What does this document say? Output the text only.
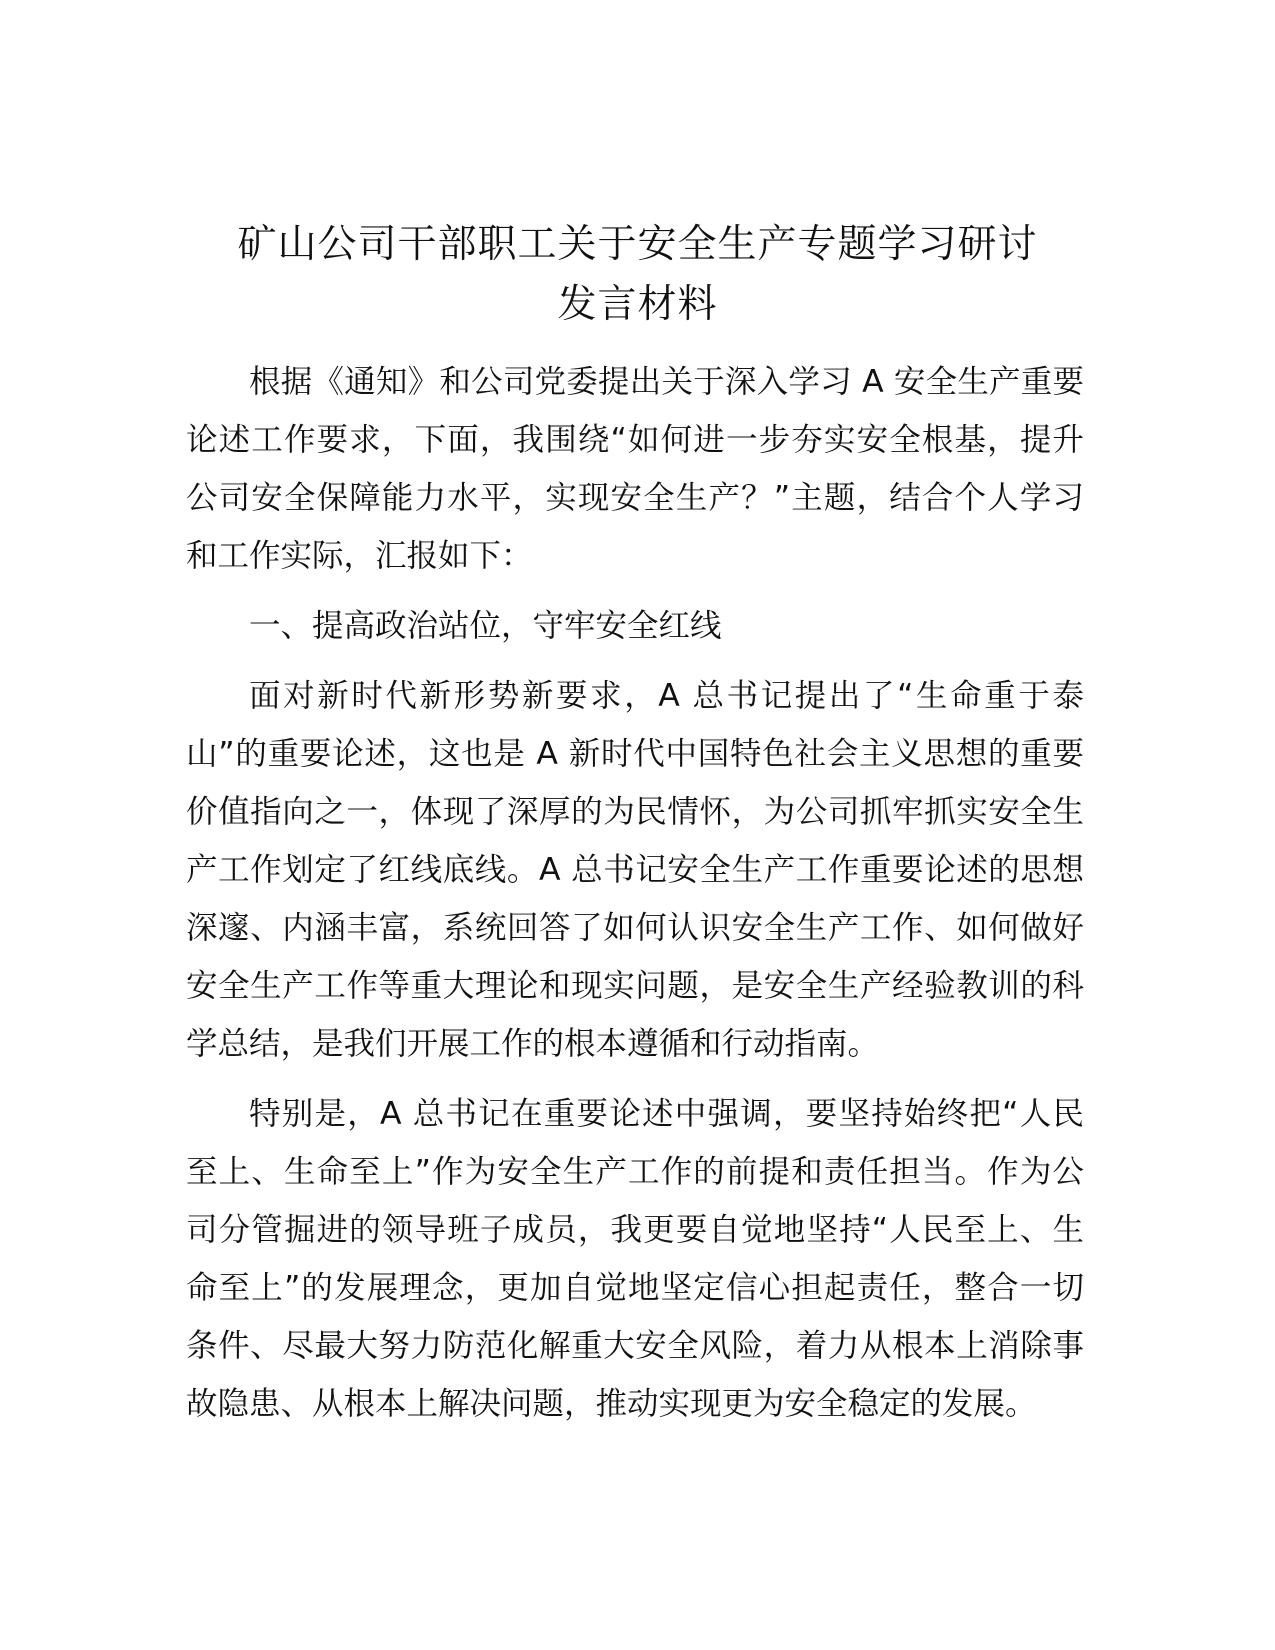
矿山公司干部职工关于安全生产专题学习研讨
发言材料

根据《通知》和公司党委提出关于深入学习 A 安全生产重要论述工作要求，下面，我围绕“如何进一步夯实安全根基，提升公司安全保障能力水平，实现安全生产？”主题，结合个人学习和工作实际，汇报如下：

一、提高政治站位，守牢安全红线

面对新时代新形势新要求，A 总书记提出了“生命重于泰山”的重要论述，这也是 A 新时代中国特色社会主义思想的重要价值指向之一，体现了深厚的为民情怀，为公司抓牢抓实安全生产工作划定了红线底线。A 总书记安全生产工作重要论述的思想深邃、内涵丰富，系统回答了如何认识安全生产工作、如何做好安全生产工作等重大理论和现实问题，是安全生产经验教训的科学总结，是我们开展工作的根本遵循和行动指南。

特别是，A 总书记在重要论述中强调，要坚持始终把“人民至上、生命至上”作为安全生产工作的前提和责任担当。作为公司分管掘进的领导班子成员，我更要自觉地坚持“人民至上、生命至上”的发展理念，更加自觉地坚定信心担起责任，整合一切条件、尽最大努力防范化解重大安全风险，着力从根本上消除事故隐患、从根本上解决问题，推动实现更为安全稳定的发展。
